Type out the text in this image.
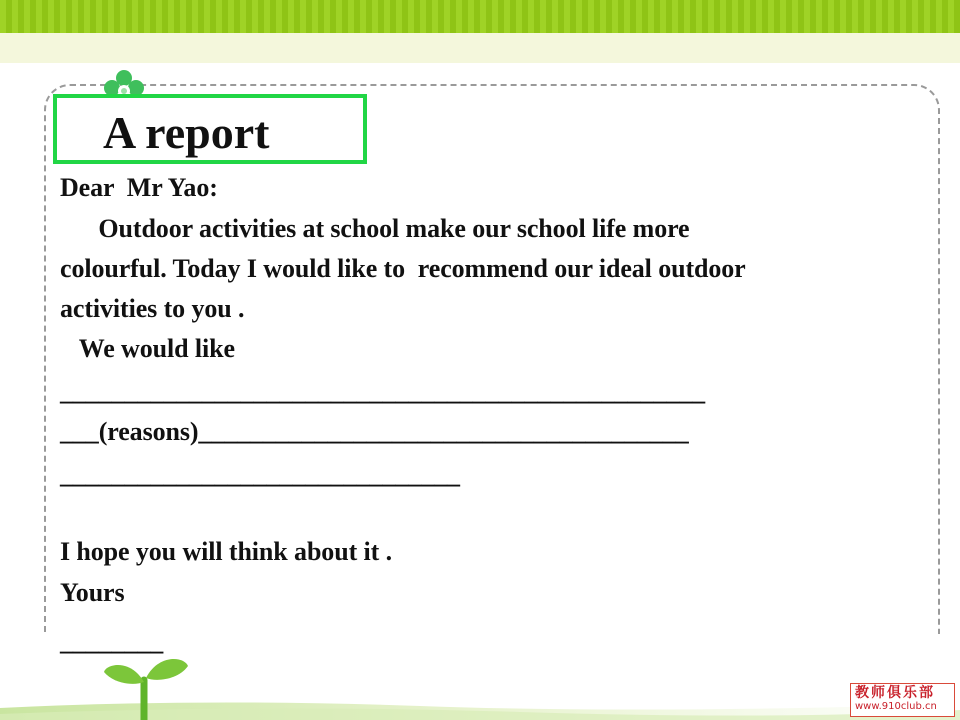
A report
Dear  Mr Yao:
Outdoor activities at school make our school life more
colourful. Today I would like to  recommend our ideal outdoor
activities to you .
We would like
__________________________________________________
___(reasons)______________________________________
_______________________________
I hope you will think about it .
Yours
________
教师俱乐部
www.910club.cn
